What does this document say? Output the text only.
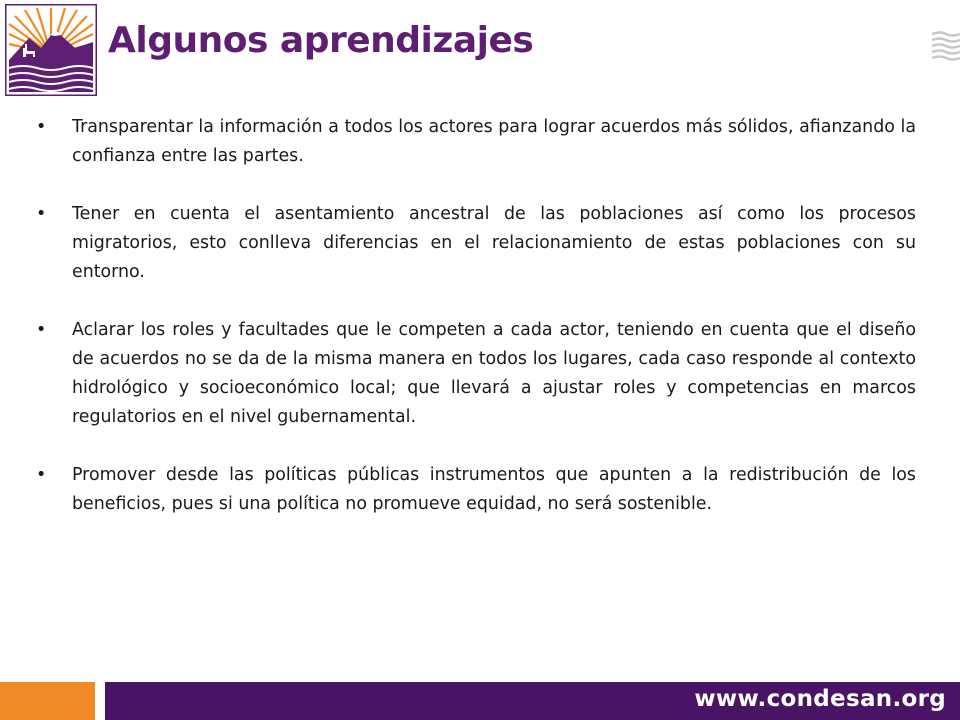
Algunos aprendizajes
•	Transparentar la información a todos los actores para lograr acuerdos más sólidos, afianzando la confianza entre las partes.
•	Tener en cuenta el asentamiento ancestral de las poblaciones así como los procesos migratorios, esto conlleva diferencias en el relacionamiento de estas poblaciones con su entorno.
•	Aclarar los roles y facultades que le competen a cada actor, teniendo en cuenta que el diseño de acuerdos no se da de la misma manera en todos los lugares, cada caso responde al contexto hidrológico y socioeconómico local; que llevará a ajustar roles y competencias en marcos regulatorios en el nivel gubernamental.
•	Promover desde las políticas públicas instrumentos que apunten a la redistribución de los beneficios, pues si una política no promueve equidad, no será sostenible.
www.condesan.org
